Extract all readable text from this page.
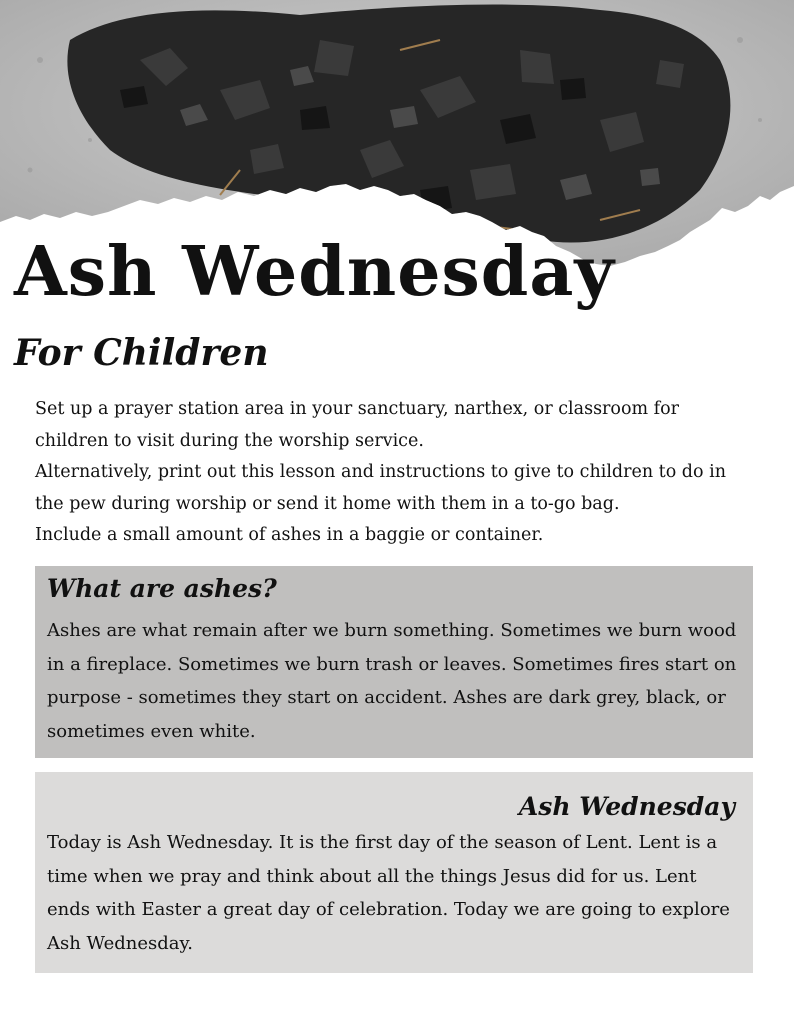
Ash Wednesday
For Children

Set up a prayer station area in your sanctuary, narthex, or classroom for children to visit during the worship service.

Alternatively, print out this lesson and instructions to give to children to do in the pew during worship or send it home with them in a to-go bag.

Include a small amount of ashes in a baggie or container.

What are ashes?

Ashes are what remain after we burn something. Sometimes we burn wood in a fireplace. Sometimes we burn trash or leaves. Sometimes fires start on purpose - sometimes they start on accident. Ashes are dark grey, black, or sometimes even white.

Ash Wednesday

Today is Ash Wednesday. It is the first day of the season of Lent. Lent is a time when we pray and think about all the things Jesus did for us. Lent ends with Easter a great day of celebration. Today we are going to explore Ash Wednesday.
